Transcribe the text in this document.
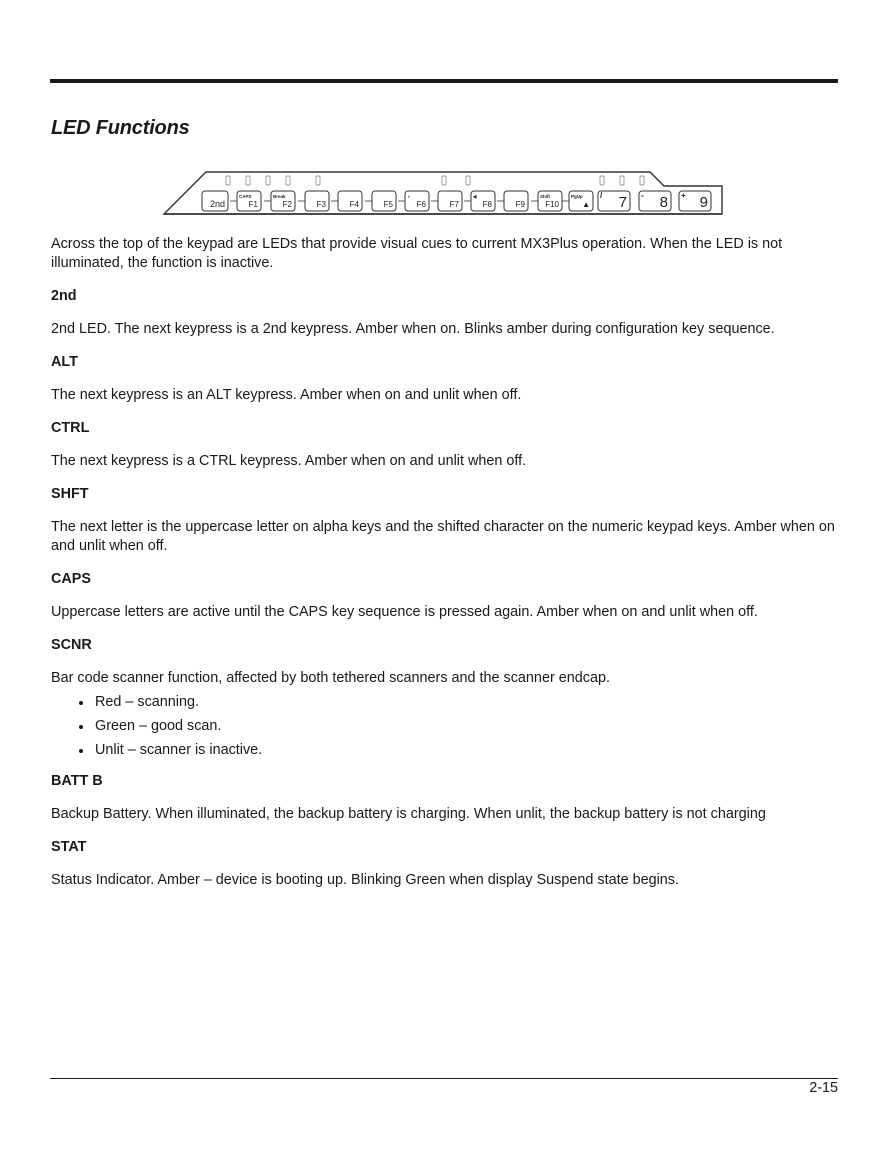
LED Functions
2nd	F1
CAPS
F2
Break
F3	F4	F5	F6
◑
F7	F8
◀
F9	F10
Shift
▲
PgUp 7
/	8
-	9
+

Across the top of the keypad are LEDs that provide visual cues to current MX3Plus operation. When the LED is not illuminated, the function is inactive.

2nd

2nd LED. The next keypress is a 2nd keypress. Amber when on. Blinks amber during configuration key sequence.

ALT

The next keypress is an ALT keypress. Amber when on and unlit when off.

CTRL

The next keypress is a CTRL keypress. Amber when on and unlit when off.

SHFT

The next letter is the uppercase letter on alpha keys and the shifted character on the numeric keypad keys. Amber when on and unlit when off.

CAPS

Uppercase letters are active until the CAPS key sequence is pressed again. Amber when on and unlit when off.

SCNR

Bar code scanner function, affected by both tethered scanners and the scanner endcap.

Red – scanning.
Green – good scan.
Unlit – scanner is inactive.

BATT B

Backup Battery. When illuminated, the backup battery is charging. When unlit, the backup battery is not charging

STAT

Status Indicator. Amber – device is booting up. Blinking Green when display Suspend state begins.

2-15
